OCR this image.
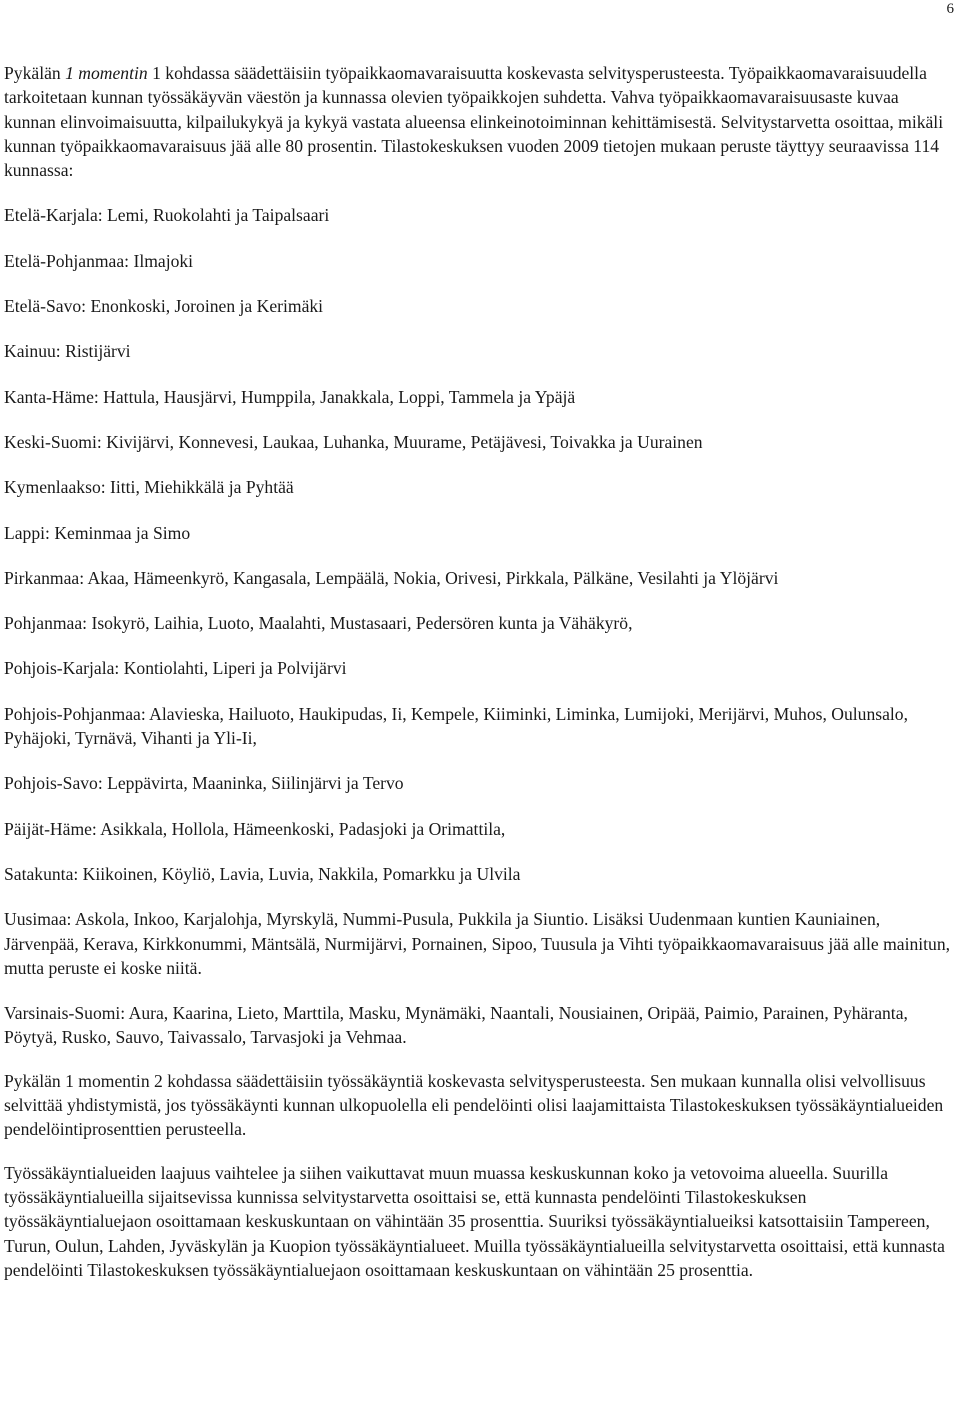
6

Pykälän 1 momentin 1 kohdassa säädettäisiin työpaikkaomavaraisuutta koskevasta selvitysperusteesta. Työpaikkaomavaraisuudella tarkoitetaan kunnan työssäkäyvän väestön ja kunnassa olevien työpaikkojen suhdetta. Vahva työpaikkaomavaraisuusaste kuvaa kunnan elinvoimaisuutta, kilpailukykyä ja kykyä vastata alueensa elinkeinotoiminnan kehittämisestä. Selvitystarvetta osoittaa, mikäli kunnan työpaikkaomavaraisuus jää alle 80 prosentin. Tilastokeskuksen vuoden 2009 tietojen mukaan peruste täyttyy seuraavissa 114 kunnassa:

Etelä-Karjala: Lemi, Ruokolahti ja Taipalsaari

Etelä-Pohjanmaa: Ilmajoki

Etelä-Savo: Enonkoski, Joroinen ja Kerimäki

Kainuu: Ristijärvi

Kanta-Häme: Hattula, Hausjärvi, Humppila, Janakkala, Loppi, Tammela ja Ypäjä

Keski-Suomi: Kivijärvi, Konnevesi, Laukaa, Luhanka, Muurame, Petäjävesi, Toivakka ja Uurainen

Kymenlaakso: Iitti, Miehikkälä ja Pyhtää

Lappi: Keminmaa ja Simo

Pirkanmaa: Akaa, Hämeenkyrö, Kangasala, Lempäälä, Nokia, Orivesi, Pirkkala, Pälkäne, Vesilahti ja Ylöjärvi

Pohjanmaa: Isokyrö, Laihia, Luoto, Maalahti, Mustasaari, Pedersören kunta ja Vähäkyrö,

Pohjois-Karjala: Kontiolahti, Liperi ja Polvijärvi

Pohjois-Pohjanmaa: Alavieska, Hailuoto, Haukipudas, Ii, Kempele, Kiiminki, Liminka, Lumijoki, Merijärvi, Muhos, Oulunsalo, Pyhäjoki, Tyrnävä, Vihanti ja Yli-Ii,

Pohjois-Savo: Leppävirta, Maaninka, Siilinjärvi ja Tervo

Päijät-Häme: Asikkala, Hollola, Hämeenkoski, Padasjoki ja Orimattila,

Satakunta: Kiikoinen, Köyliö, Lavia, Luvia, Nakkila, Pomarkku ja Ulvila

Uusimaa: Askola, Inkoo, Karjalohja, Myrskylä, Nummi-Pusula, Pukkila ja Siuntio. Lisäksi Uudenmaan kuntien Kauniainen, Järvenpää, Kerava, Kirkkonummi, Mäntsälä, Nurmijärvi, Pornainen, Sipoo, Tuusula ja Vihti työpaikkaomavaraisuus jää alle mainitun, mutta peruste ei koske niitä.

Varsinais-Suomi: Aura, Kaarina, Lieto, Marttila, Masku, Mynämäki, Naantali, Nousiainen, Oripää, Paimio, Parainen, Pyhäranta, Pöytyä, Rusko, Sauvo, Taivassalo, Tarvasjoki ja Vehmaa.

Pykälän 1 momentin 2 kohdassa säädettäisiin työssäkäyntiä koskevasta selvitysperusteesta. Sen mukaan kunnalla olisi velvollisuus selvittää yhdistymistä, jos työssäkäynti kunnan ulkopuolella eli pendelöinti olisi laajamittaista Tilastokeskuksen työssäkäyntialueiden pendelöintiprosenttien perusteella.

Työssäkäyntialueiden laajuus vaihtelee ja siihen vaikuttavat muun muassa keskuskunnan koko ja vetovoima alueella. Suurilla työssäkäyntialueilla sijaitsevissa kunnissa selvitystarvetta osoittaisi se, että kunnasta pendelöinti Tilastokeskuksen työssäkäyntialuejaon osoittamaan keskuskuntaan on vähintään 35 prosenttia. Suuriksi työssäkäyntialueiksi katsottaisiin Tampereen, Turun, Oulun, Lahden, Jyväskylän ja Kuopion työssäkäyntialueet. Muilla työssäkäyntialueilla selvitystarvetta osoittaisi, että kunnasta pendelöinti Tilastokeskuksen työssäkäyntialuejaon osoittamaan keskuskuntaan on vähintään 25 prosenttia.
